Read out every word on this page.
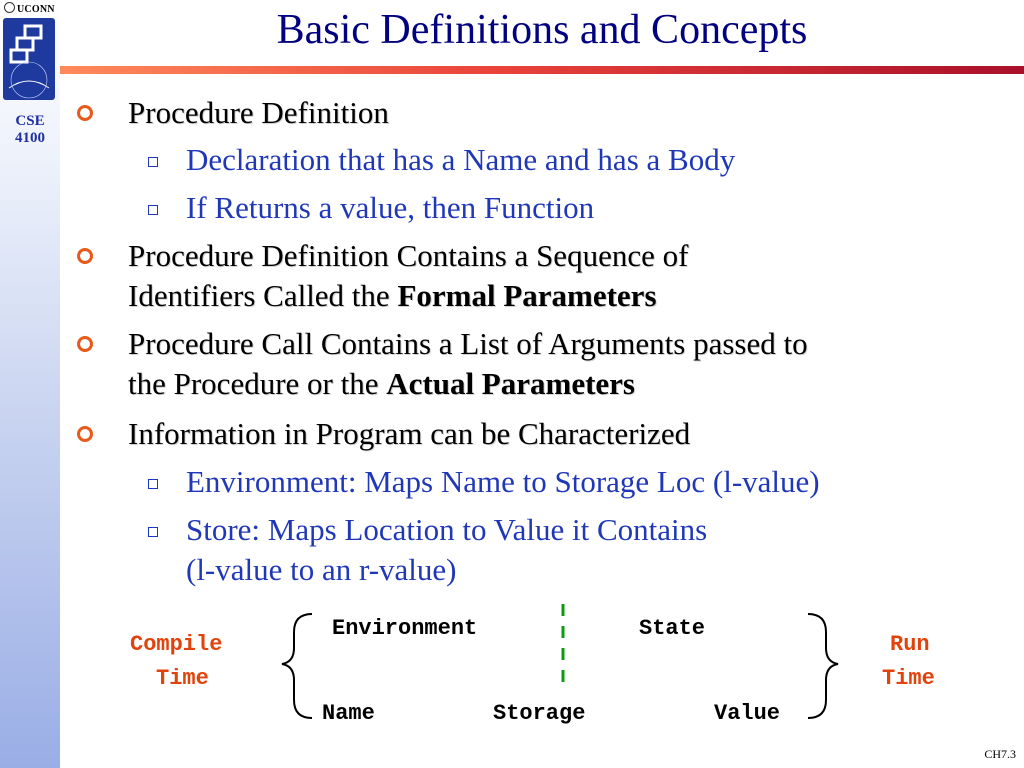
UCONN
CSE
4100
Basic Definitions and Concepts
Procedure Definition
Declaration that has a Name and has a Body
If Returns a value, then Function
Procedure Definition Contains a Sequence of
Identifiers Called the Formal Parameters
Procedure Call Contains a List of Arguments passed to
the Procedure or the Actual Parameters
Information in Program can be Characterized
Environment: Maps Name to Storage Loc (l-value)
Store: Maps Location to Value it Contains
(l-value to an r-value)
Compile
Time
Run
Time
Environment	State
Name	Storage	Value
CH7.3
